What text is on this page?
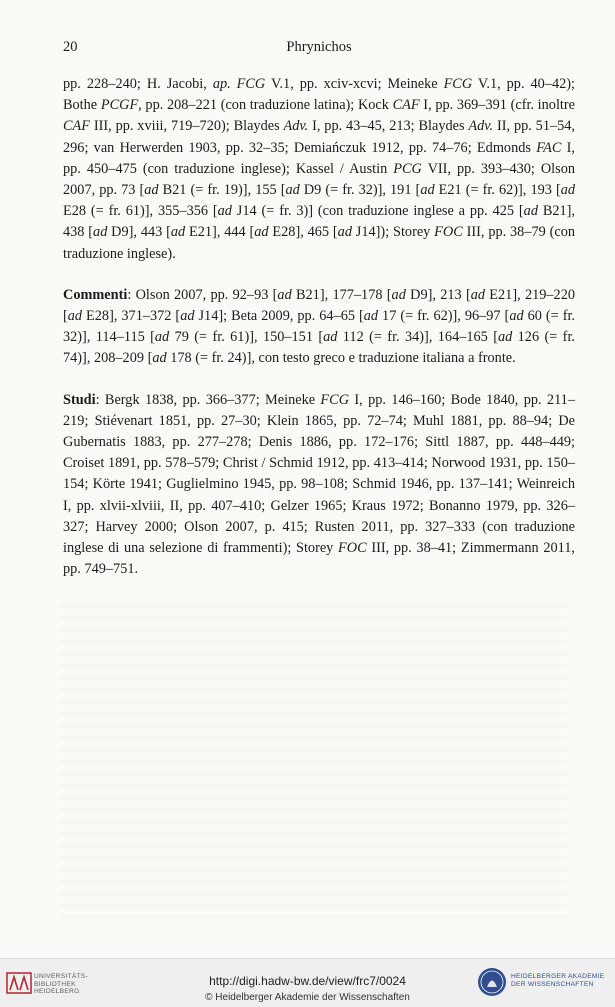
20	Phrynichos

pp. 228–240; H. Jacobi, ap. FCG V.1, pp. xciv-xcvi; Meineke FCG V.1, pp. 40–42); Bothe PCGF, pp. 208–221 (con traduzione latina); Kock CAF I, pp. 369–391 (cfr. inoltre CAF III, pp. xviii, 719–720); Blaydes Adv. I, pp. 43–45, 213; Blaydes Adv. II, pp. 51–54, 296; van Herwerden 1903, pp. 32–35; Demiańczuk 1912, pp. 74–76; Edmonds FAC I, pp. 450–475 (con traduzione inglese); Kassel / Austin PCG VII, pp. 393–430; Olson 2007, pp. 73 [ad B21 (= fr. 19)], 155 [ad D9 (= fr. 32)], 191 [ad E21 (= fr. 62)], 193 [ad E28 (= fr. 61)], 355–356 [ad J14 (= fr. 3)] (con traduzione inglese a pp. 425 [ad B21], 438 [ad D9], 443 [ad E21], 444 [ad E28], 465 [ad J14]); Storey FOC III, pp. 38–79 (con traduzione inglese).

Commenti: Olson 2007, pp. 92–93 [ad B21], 177–178 [ad D9], 213 [ad E21], 219–220 [ad E28], 371–372 [ad J14]; Beta 2009, pp. 64–65 [ad 17 (= fr. 62)], 96–97 [ad 60 (= fr. 32)], 114–115 [ad 79 (= fr. 61)], 150–151 [ad 112 (= fr. 34)], 164–165 [ad 126 (= fr. 74)], 208–209 [ad 178 (= fr. 24)], con testo greco e traduzione italiana a fronte.

Studi: Bergk 1838, pp. 366–377; Meineke FCG I, pp. 146–160; Bode 1840, pp. 211–219; Stiévenart 1851, pp. 27–30; Klein 1865, pp. 72–74; Muhl 1881, pp. 88–94; De Gubernatis 1883, pp. 277–278; Denis 1886, pp. 172–176; Sittl 1887, pp. 448–449; Croiset 1891, pp. 578–579; Christ / Schmid 1912, pp. 413–414; Norwood 1931, pp. 150–154; Körte 1941; Guglielmino 1945, pp. 98–108; Schmid 1946, pp. 137–141; Weinreich I, pp. xlvii-xlviii, II, pp. 407–410; Gelzer 1965; Kraus 1972; Bonanno 1979, pp. 326–327; Harvey 2000; Olson 2007, p. 415; Rusten 2011, pp. 327–333 (con traduzione inglese di una selezione di frammenti); Storey FOC III, pp. 38–41; Zimmermann 2011, pp. 749–751.

UNIVERSITÄTS-
BIBLIOTHEK
HEIDELBERG
http://digi.hadw-bw.de/view/frc7/0024
© Heidelberger Akademie der Wissenschaften
HEIDELBERGER AKADEMIE
DER WISSENSCHAFTEN
